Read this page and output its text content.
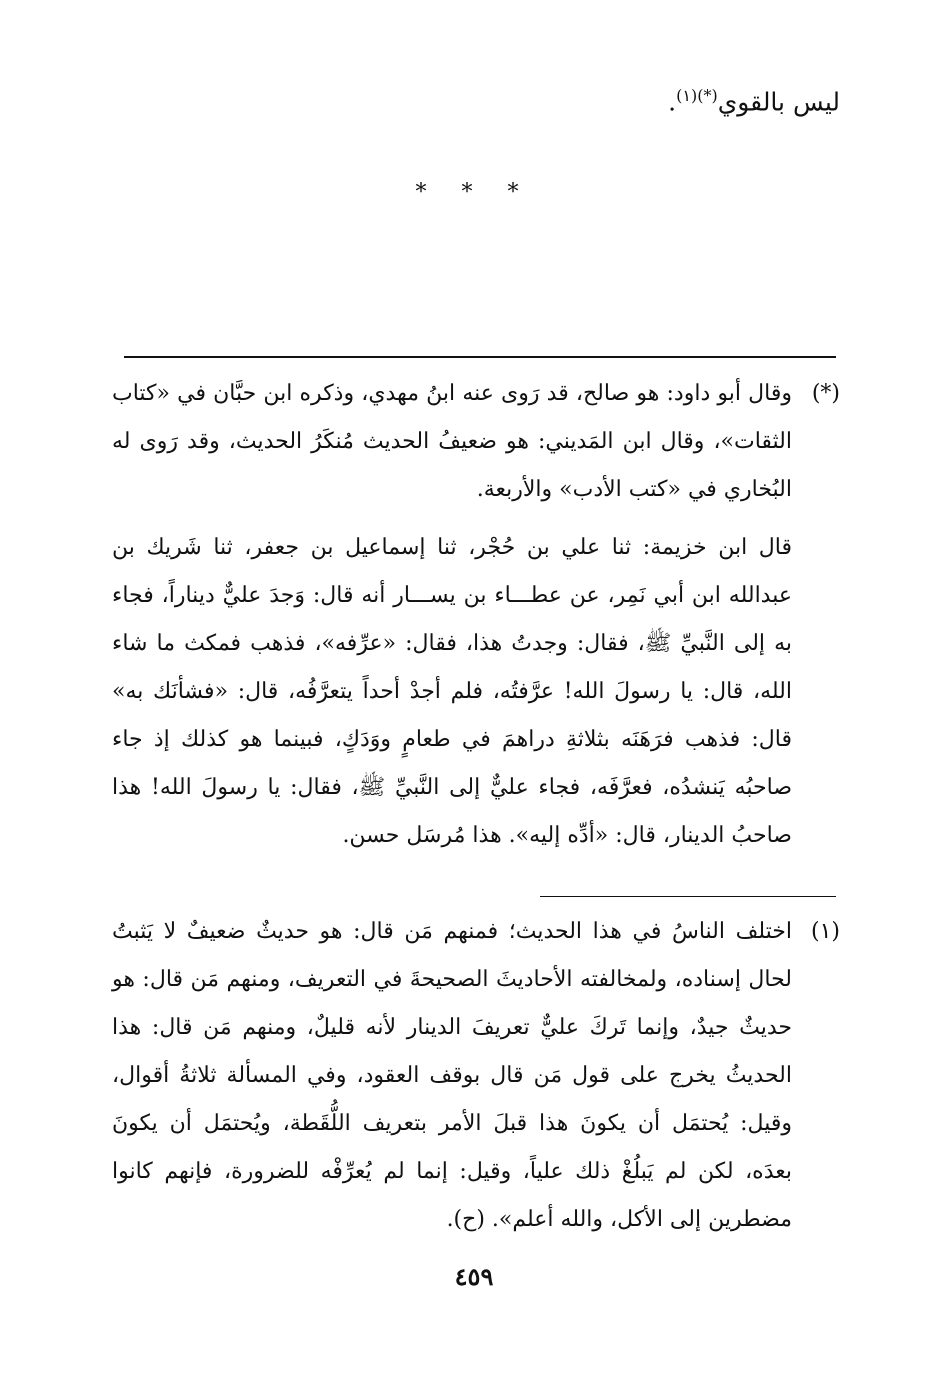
ليس بالقوي$^{(*)(١)}$.
* * *
(*)

وقال أبو داود: هو صالح، قد رَوى عنه ابنُ مهدي، وذكره ابن حبَّان في «كتاب الثقات»، وقال ابن المَديني: هو ضعيفُ الحديث مُنكَرُ الحديث، وقد رَوى له البُخاري في «كتب الأدب» والأربعة.

قال ابن خزيمة: ثنا علي بن حُجْر، ثنا إسماعيل بن جعفر، ثنا شَريك بن عبدالله ابن أبي نَمِر، عن عطـــاء بن يســـار أنه قال: وَجدَ عليٌّ ديناراً، فجاء به إلى النَّبيِّ ﷺ، فقال: وجدتُ هذا، فقال: «عرِّفه»، فذهب فمكث ما شاء الله، قال: يا رسولَ الله! عرَّفتُه، فلم أجدْ أحداً يتعرَّفُه، قال: «فشأنَك به» قال: فذهب فرَهَنَه بثلاثةِ دراهمَ في طعامٍ ووَدَكٍ، فبينما هو كذلك إذ جاء صاحبُه يَنشدُه، فعرَّفَه، فجاء عليٌّ إلى النَّبيِّ ﷺ، فقال: يا رسولَ الله! هذا صاحبُ الدينار، قال: «أدِّه إليه». هذا مُرسَل حسن.

(١)

اختلف الناسُ في هذا الحديث؛ فمنهم مَن قال: هو حديثٌ ضعيفٌ لا يَثبتُ لحال إسناده، ولمخالفته الأحاديثَ الصحيحةَ في التعريف، ومنهم مَن قال: هو حديثٌ جيدٌ، وإنما تَركَ عليٌّ تعريفَ الدينار لأنه قليلٌ، ومنهم مَن قال: هذا الحديثُ يخرج على قول مَن قال بوقف العقود، وفي المسألة ثلاثةُ أقوال، وقيل: يُحتمَل أن يكونَ هذا قبلَ الأمر بتعريف اللُّقَطة، ويُحتمَل أن يكونَ بعدَه، لكن لم يَبلُغْ ذلك علياً، وقيل: إنما لم يُعرِّفْه للضرورة، فإنهم كانوا مضطرين إلى الأكل، والله أعلم». (ح).

٤٥٩
